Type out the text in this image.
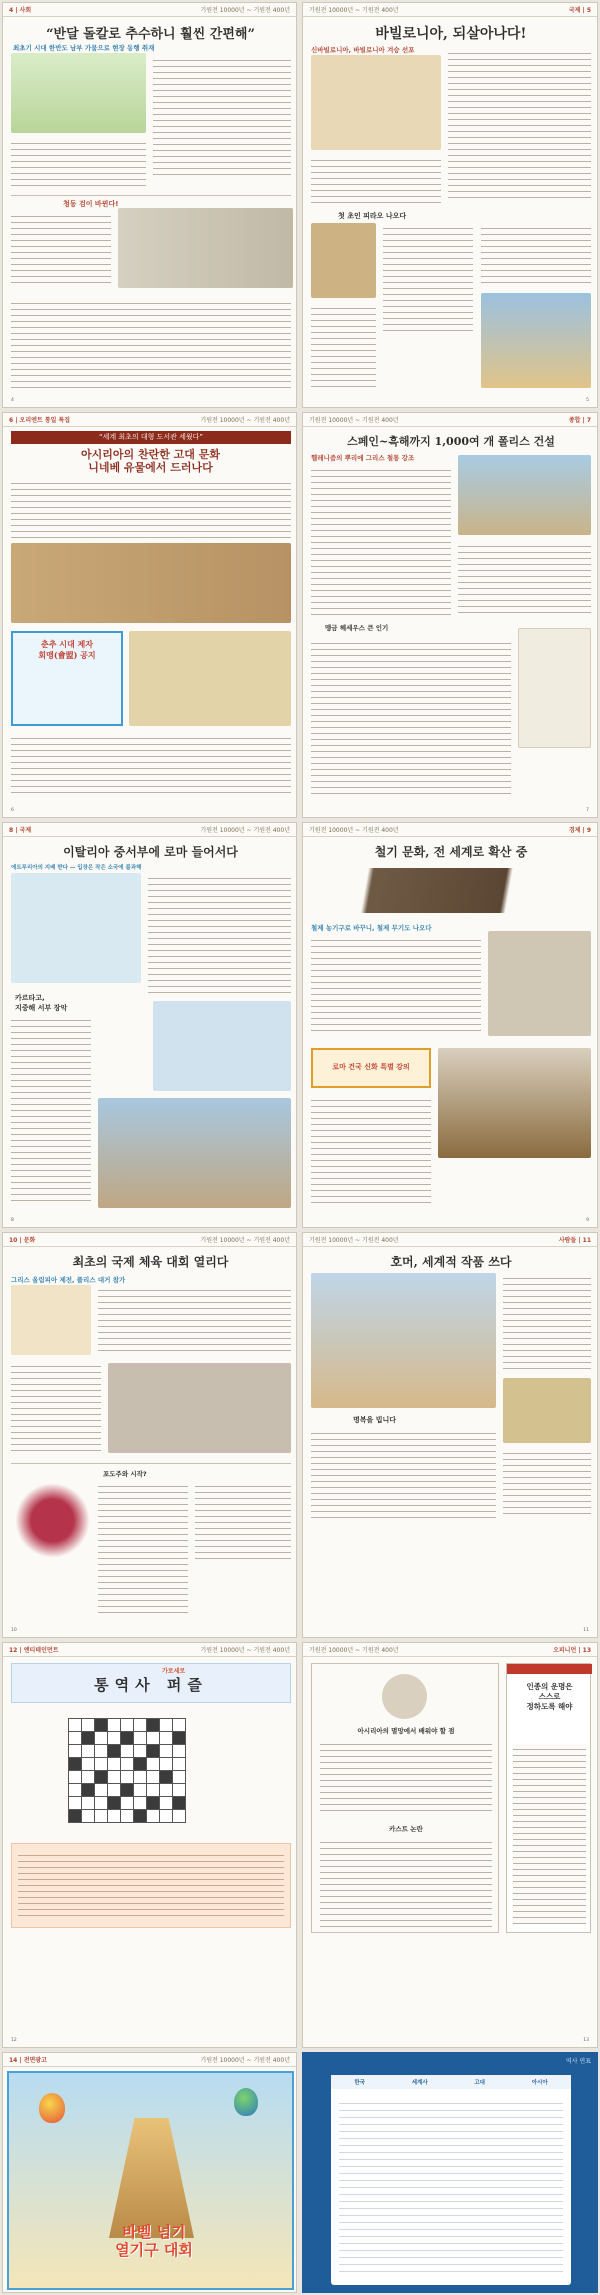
4 | 사회	기원전 10000년 ~ 기원전 400년
“반달 돌칼로 추수하니 훨씬 간편해”
최초기 시대 한반도 남부 가뭄으로 현장 동행 취재
청동 검이 바뀐다!
4
기원전 10000년 ~ 기원전 400년	국제 | 5
바빌로니아, 되살아나다!
신바빌로니아, 바빌로니아 겨승 선포
첫 초인 피라오 나오다
5
6 | 오리엔트 통일 특집	기원전 10000년 ~ 기원전 400년
“세계 최초의 대형 도서관 세웠다”
아시리아의 찬란한 고대 문화
니네베 유물에서 드러나다
춘추 시대 제자
회맹(會盟) 공지
6
기원전 10000년 ~ 기원전 400년	종합 | 7
스페인~흑해까지 1,000여 개 폴리스 건설
헬레니즘의 뿌리에 그리스 철통 강조
맹금 헤세우스 큰 인기
7
8 | 국제	기원전 10000년 ~ 기원전 400년
이탈리아 중서부에 로마 들어서다
에트루리아의 지배 받다 — 입장은 작은 소국에 불과해
카르타고,
지중해 서부 장악
8
기원전 10000년 ~ 기원전 400년	경제 | 9
철기 문화, 전 세계로 확산 중
철제 농기구로 바꾸니, 철제 무기도 나오다
로마 건국 신화 특별 강의
9
10 | 문화	기원전 10000년 ~ 기원전 400년
최초의 국제 체육 대회 열리다
그리스 올림피아 제전, 플리스 대거 참가
포도주와 시작?
10
기원전 10000년 ~ 기원전 400년	사람들 | 11
호머, 세계적 작품 쓰다
명복을 빕니다
11
12 | 엔티테인먼트	기원전 10000년 ~ 기원전 400년
통역사 퍼즐
가로세로
12
기원전 10000년 ~ 기원전 400년	오피니언 | 13
아시리아의 멸망에서 배워야 할 점
카스트 논란
인종의 운명은
스스로
정하도록 해야
13
14 | 전면광고	기원전 10000년 ~ 기원전 400년
바벨 넘기
열기구 대회
역사 연표
한국	세계사	고대	아시아
